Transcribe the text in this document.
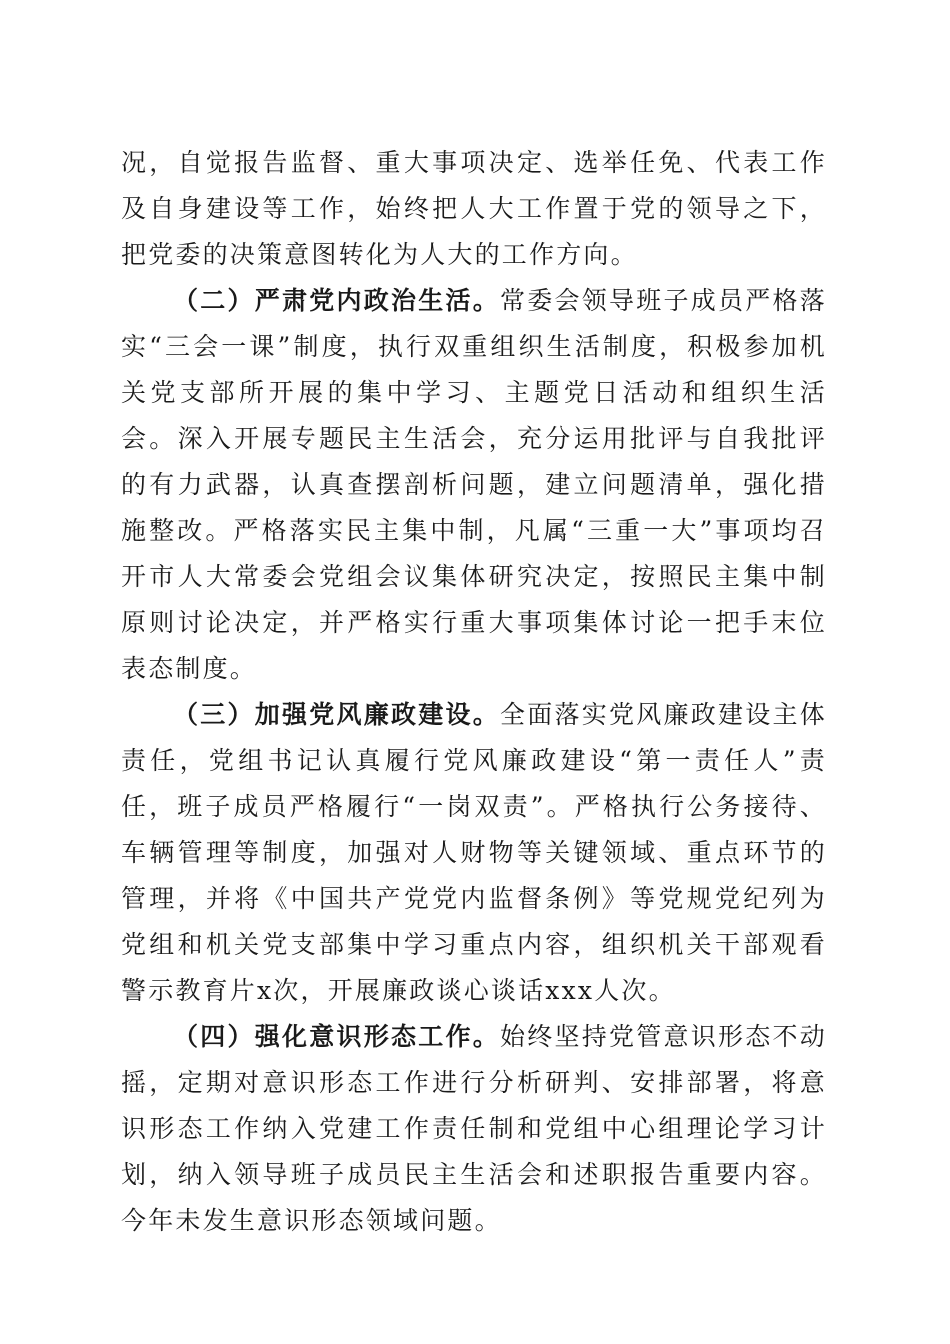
况，自觉报告监督、重大事项决定、选举任免、代表工作及自身建设等工作，始终把人大工作置于党的领导之下，把党委的决策意图转化为人大的工作方向。

（二）严肃党内政治生活。常委会领导班子成员严格落实“三会一课”制度，执行双重组织生活制度，积极参加机关党支部所开展的集中学习、主题党日活动和组织生活会。深入开展专题民主生活会，充分运用批评与自我批评的有力武器，认真查摆剖析问题，建立问题清单，强化措施整改。严格落实民主集中制，凡属“三重一大”事项均召开市人大常委会党组会议集体研究决定，按照民主集中制原则讨论决定，并严格实行重大事项集体讨论一把手末位表态制度。

（三）加强党风廉政建设。全面落实党风廉政建设主体责任，党组书记认真履行党风廉政建设“第一责任人”责任，班子成员严格履行“一岗双责”。严格执行公务接待、车辆管理等制度，加强对人财物等关键领域、重点环节的管理，并将《中国共产党党内监督条例》等党规党纪列为党组和机关党支部集中学习重点内容，组织机关干部观看警示教育片x次，开展廉政谈心谈话xxx人次。

（四）强化意识形态工作。始终坚持党管意识形态不动摇，定期对意识形态工作进行分析研判、安排部署，将意识形态工作纳入党建工作责任制和党组中心组理论学习计划，纳入领导班子成员民主生活会和述职报告重要内容。今年未发生意识形态领域问题。
